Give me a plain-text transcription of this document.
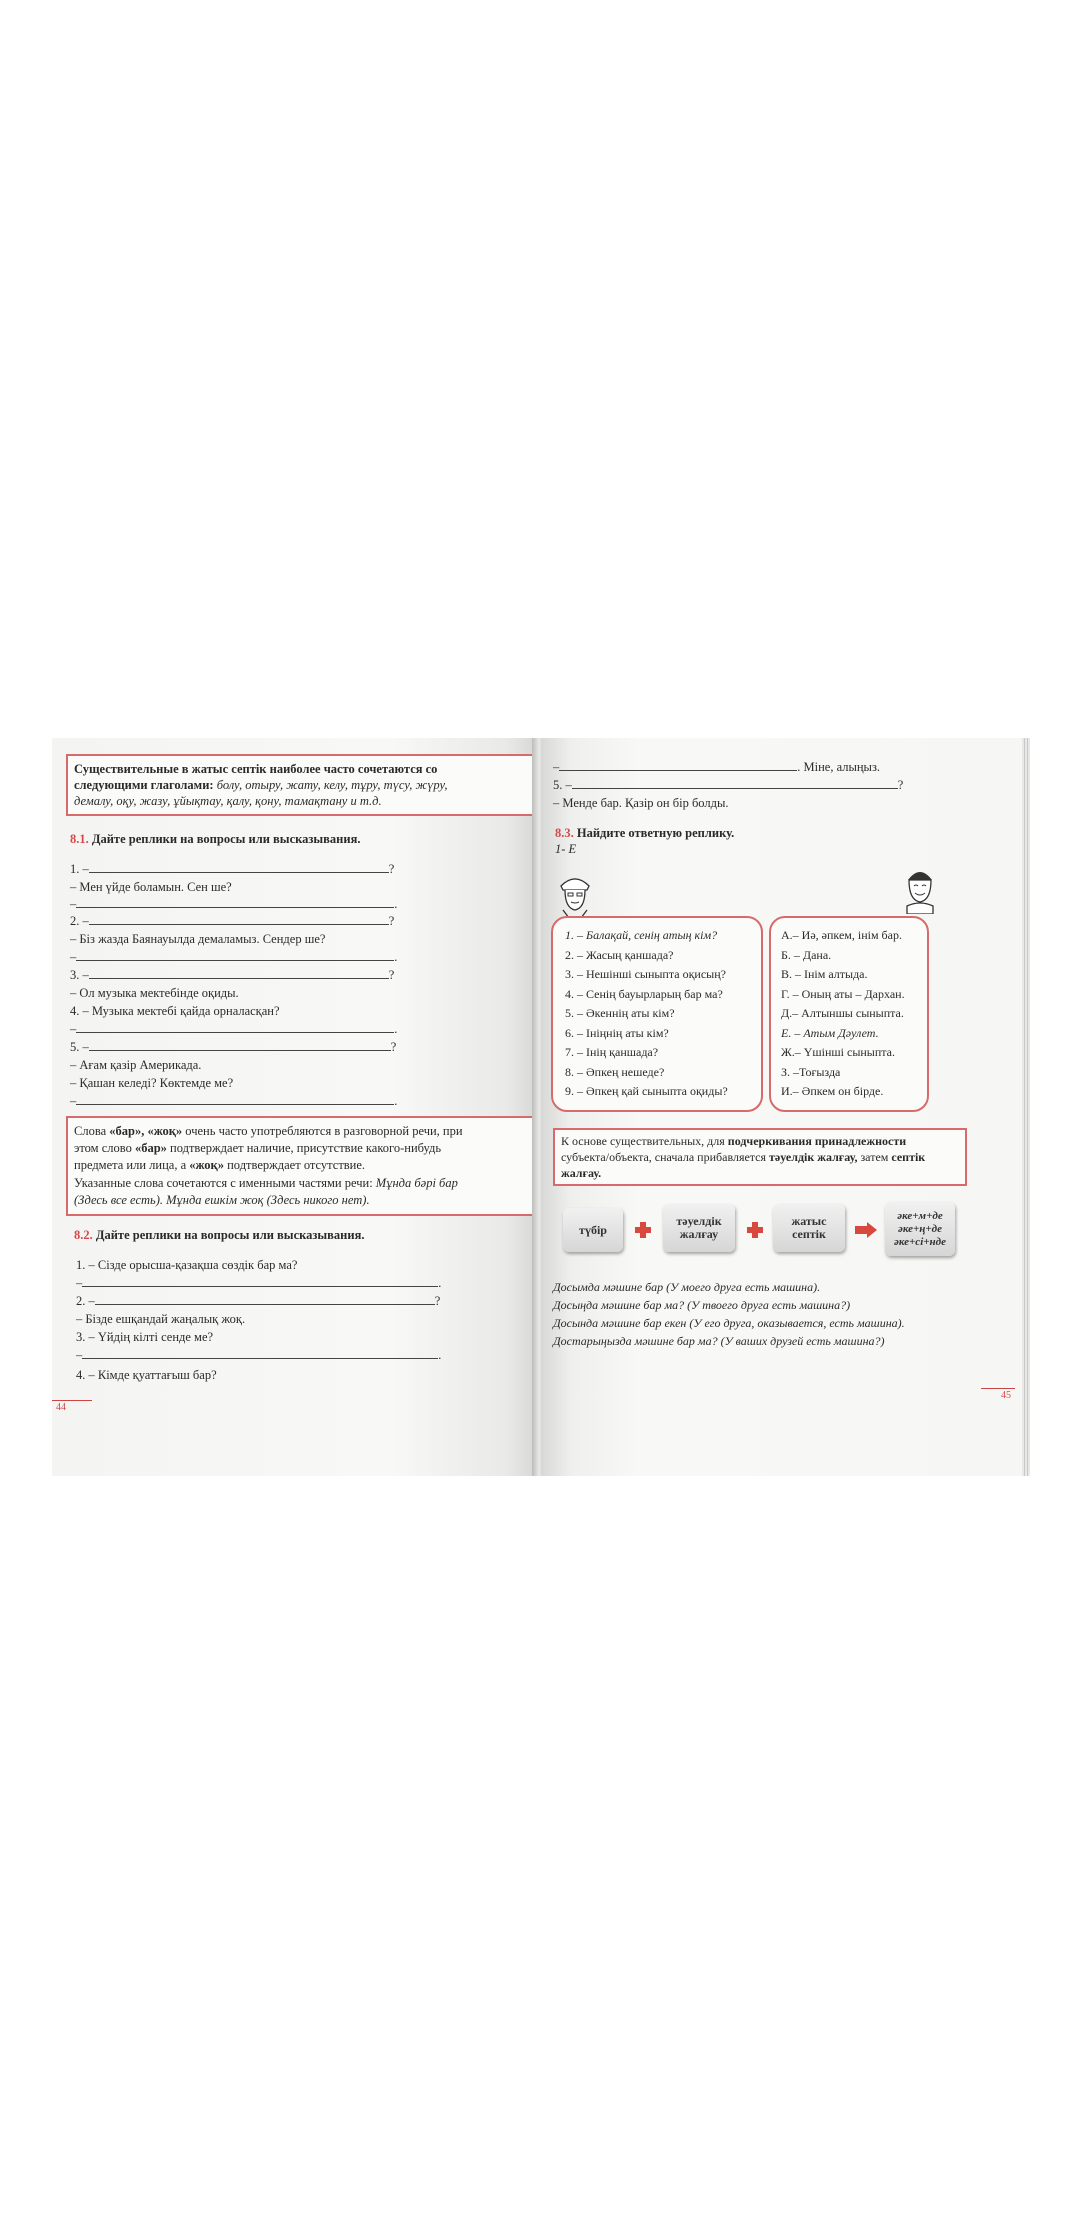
Существительные в жатыс септік наиболее часто сочетаются со
следующими глаголами: болу, отыру, жату, келу, тұру, түсу, жүру,
демалу, оқу, жазу, ұйықтау, қалу, қону, тамақтану и т.д.
8.1. Дайте реплики на вопросы или высказывания.
1. –	?
– Мен үйде боламын. Сен ше?
–	.
2. –	?
– Біз жазда Баянауылда демаламыз. Сендер ше?
–	.
3. –	?
– Ол музыка мектебінде оқиды.
4. – Музыка мектебі қайда орналасқан?
–	.
5. –	?
– Ағам қазір Америкада.
– Қашан келеді? Көктемде ме?
–	.
Слова «бар», «жоқ» очень часто употребляются в разговорной речи, при
этом слово «бар» подтверждает наличие, присутствие какого-нибудь
предмета или лица, а «жоқ» подтверждает отсутствие.
Указанные слова сочетаются с именными частями речи: Мұнда бәрі бар
(Здесь все есть). Мұнда ешкім жоқ (Здесь никого нет).
8.2. Дайте реплики на вопросы или высказывания.
1. – Сізде орысша-қазақша сөздік бар ма?
–	.
2. –	?
– Бізде ешқандай жаңалық жоқ.
3. – Үйдің кілті сенде ме?
–	.
4. – Кімде қуаттағыш бар?
44
–	. Міне, алыңыз.
5. –	?
– Менде бар. Қазір он бір болды.
8.3. Найдите ответную реплику.
1- Е
1. – Балақай, сенің атың кім?
2. – Жасың қаншада?
3. – Нешінші сыныпта оқисың?
4. – Сенің бауырларың бар ма?
5. – Әкеннің аты кім?
6. – Ініңнің аты кім?
7. – Інің қаншада?
8. – Әпкең нешеде?
9. – Әпкең қай сыныпта оқиды?
А.– Иә, әпкем, інім бар.
Б. – Дана.
В. – Інім алтыда.
Г. – Оның аты – Дархан.
Д.– Алтыншы сыныпта.
Е. – Атым Дәулет.
Ж.– Үшінші сыныпта.
З. –Тоғызда
И.– Әпкем он бірде.
К основе существительных, для подчеркивания принадлежности
субъекта/объекта, сначала прибавляется тәуелдік жалғау, затем септік
жалғау.
түбір
тәуелдік
жалғау
жатыс
септік
әке+м+де
әке+ң+де
әке+сі+нде
Досымда мәшине бар (У моего друга есть машина).
Досыңда мәшине бар ма? (У твоего друга есть машина?)
Досында мәшине бар екен (У его друга, оказывается, есть машина).
Достарыңызда мәшине бар ма? (У ваших друзей есть машина?)
45
